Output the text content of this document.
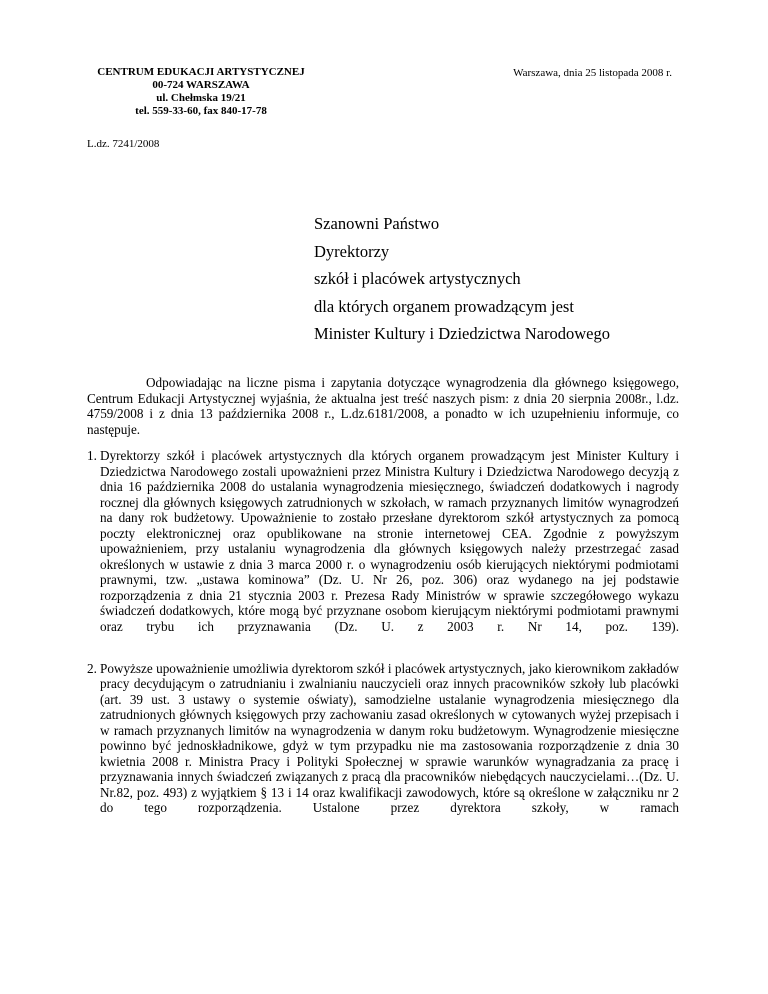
CENTRUM EDUKACJI ARTYSTYCZNEJ
00-724 WARSZAWA
ul. Chełmska 19/21
tel. 559-33-60, fax 840-17-78
Warszawa, dnia 25 listopada 2008 r.
L.dz. 7241/2008
Szanowni Państwo
Dyrektorzy
szkół i placówek artystycznych
dla których organem prowadzącym jest
Minister Kultury i Dziedzictwa Narodowego

Odpowiadając na liczne pisma i zapytania dotyczące wynagrodzenia dla głównego księgowego, Centrum Edukacji Artystycznej wyjaśnia, że aktualna jest treść naszych pism: z dnia 20 sierpnia 2008r., l.dz. 4759/2008 i z dnia 13 października 2008 r., L.dz.6181/2008, a ponadto w ich uzupełnieniu informuje, co następuje.

1. Dyrektorzy szkół i placówek artystycznych dla których organem prowadzącym jest Minister Kultury i Dziedzictwa Narodowego zostali upoważnieni przez Ministra Kultury i Dziedzictwa Narodowego decyzją z dnia 16 października 2008 do ustalania wynagrodzenia miesięcznego, świadczeń dodatkowych i nagrody rocznej dla głównych księgowych zatrudnionych w szkołach, w ramach przyznanych limitów wynagrodzeń na dany rok budżetowy. Upoważnienie to zostało przesłane dyrektorom szkół artystycznych za pomocą poczty elektronicznej oraz opublikowane na stronie internetowej CEA. Zgodnie z powyższym upoważnieniem, przy ustalaniu wynagrodzenia dla głównych księgowych należy przestrzegać zasad określonych w ustawie z dnia 3 marca 2000 r. o wynagrodzeniu osób kierujących niektórymi podmiotami prawnymi, tzw. „ustawa kominowa” (Dz. U. Nr 26, poz. 306) oraz wydanego na jej podstawie rozporządzenia z dnia 21 stycznia 2003 r. Prezesa Rady Ministrów w sprawie szczegółowego wykazu świadczeń dodatkowych, które mogą być przyznane osobom kierującym niektórymi podmiotami prawnymi oraz trybu ich przyznawania (Dz. U. z 2003 r. Nr 14, poz. 139).
2. Powyższe upoważnienie umożliwia dyrektorom szkół i placówek artystycznych, jako kierownikom zakładów pracy decydującym o zatrudnianiu i zwalnianiu nauczycieli oraz innych pracowników szkoły lub placówki (art. 39 ust. 3 ustawy o systemie oświaty), samodzielne ustalanie wynagrodzenia miesięcznego dla zatrudnionych głównych księgowych przy zachowaniu zasad określonych w cytowanych wyżej przepisach i w ramach przyznanych limitów na wynagrodzenia w danym roku budżetowym. Wynagrodzenie miesięczne powinno być jednoskładnikowe, gdyż w tym przypadku nie ma zastosowania rozporządzenie z dnia 30 kwietnia 2008 r. Ministra Pracy i Polityki Społecznej w sprawie warunków wynagradzania za pracę i przyznawania innych świadczeń związanych z pracą dla pracowników niebędących nauczycielami…(Dz. U. Nr.82, poz. 493) z wyjątkiem § 13 i 14 oraz kwalifikacji zawodowych, które są określone w załączniku nr 2 do tego rozporządzenia. Ustalone przez dyrektora szkoły, w ramach
